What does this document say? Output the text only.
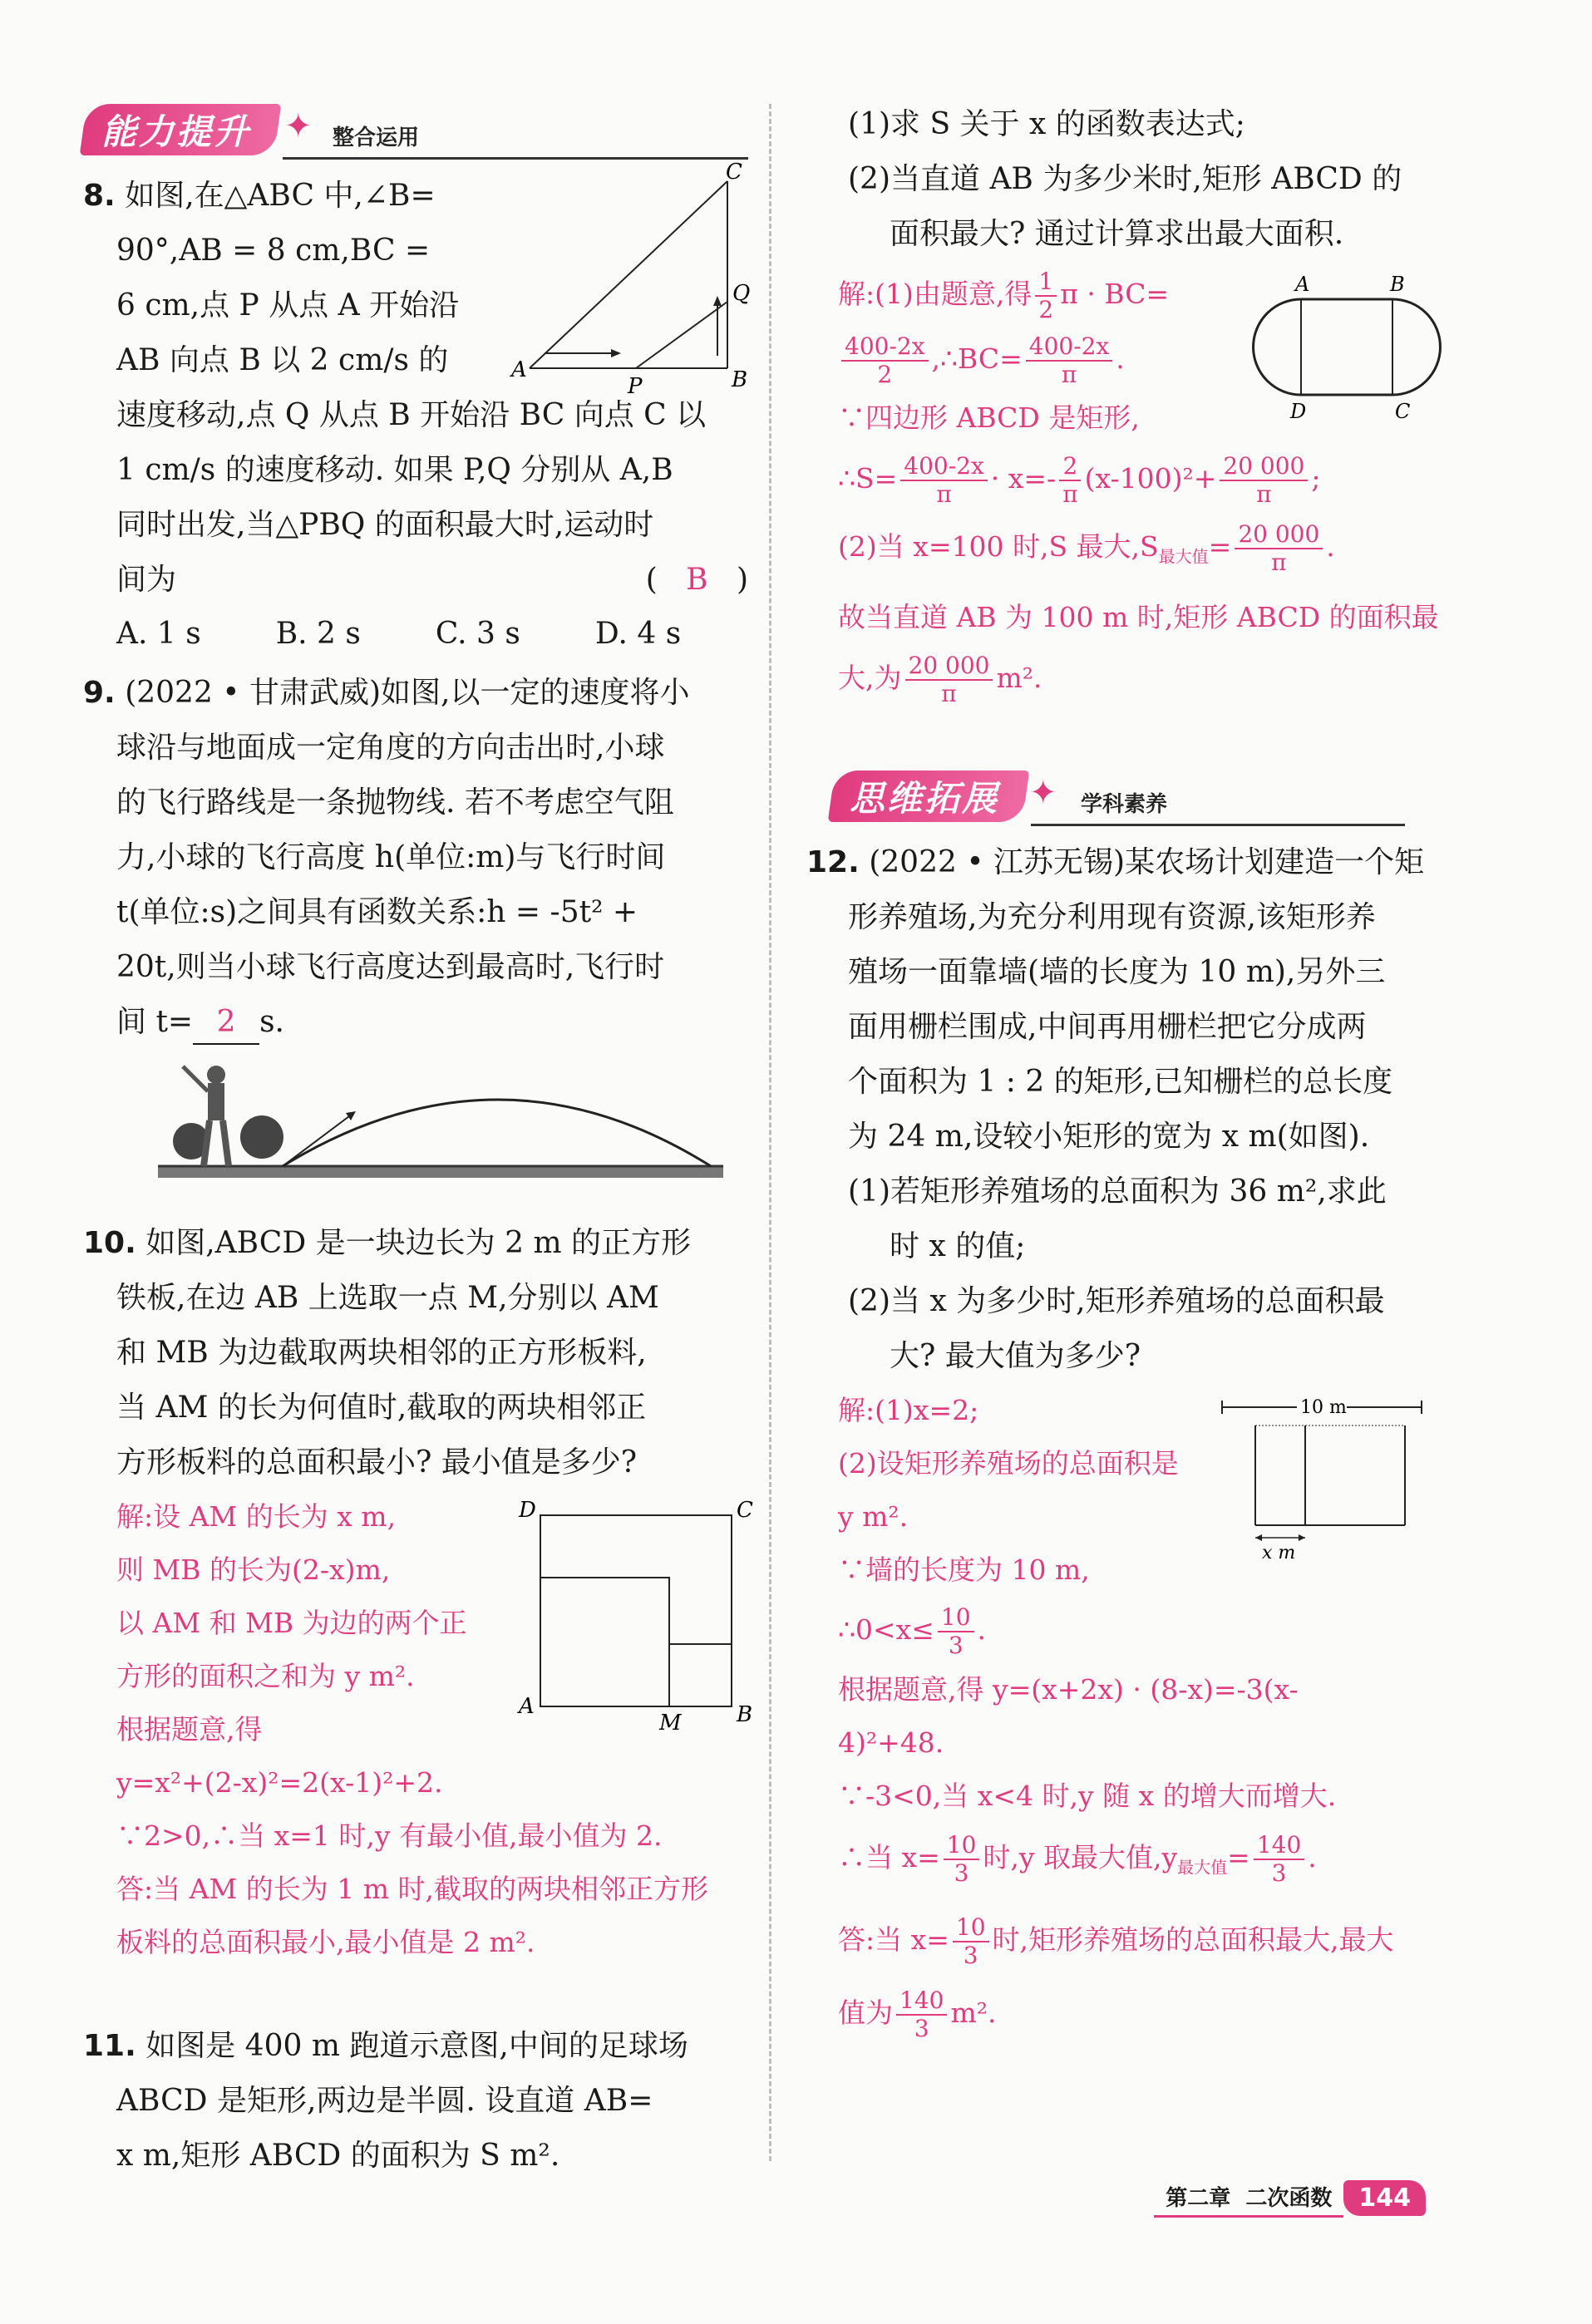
能力提升 ✦ 整合运用
A	B
C
P
Q

8. 如图,在△ABC 中,∠B=

90°,AB = 8 cm,BC =

6 cm,点 P 从点 A 开始沿

AB 向点 B 以 2 cm/s 的

速度移动,点 Q 从点 B 开始沿 BC 向点 C 以

1 cm/s 的速度移动. 如果 P,Q 分别从 A,B

同时出发,当△PBQ 的面积最大时,运动时

间为	( B )

A. 1 s	B. 2 s	C. 3 s	D. 4 s

9. (2022 • 甘肃武威)如图,以一定的速度将小

球沿与地面成一定角度的方向击出时,小球

的飞行路线是一条抛物线. 若不考虑空气阻

力,小球的飞行高度 h(单位:m)与飞行时间

t(单位:s)之间具有函数关系:h = -5t² +

20t,则当小球飞行高度达到最高时,飞行时

间 t= 2 s.

10. 如图,ABCD 是一块边长为 2 m 的正方形

铁板,在边 AB 上选取一点 M,分别以 AM

和 MB 为边截取两块相邻的正方形板料,

当 AM 的长为何值时,截取的两块相邻正

方形板料的总面积最小? 最小值是多少?

D	C
A	B
M

解:设 AM 的长为 x m,

则 MB 的长为(2-x)m,

以 AM 和 MB 为边的两个正

方形的面积之和为 y m².

根据题意,得

y=x²+(2-x)²=2(x-1)²+2.

∵2>0,∴当 x=1 时,y 有最小值,最小值为 2.

答:当 AM 的长为 1 m 时,截取的两块相邻正方形

板料的总面积最小,最小值是 2 m².

11. 如图是 400 m 跑道示意图,中间的足球场

ABCD 是矩形,两边是半圆. 设直道 AB=

x m,矩形 ABCD 的面积为 S m².

(1)求 S 关于 x 的函数表达式;

(2)当直道 AB 为多少米时,矩形 ABCD 的

面积最大? 通过计算求出最大面积.

A	B
D	C

解:(1)由题意,得 $\frac{1}{2}$ π · BC=

$\frac{400-2x}{2}$ ,∴BC= $\frac{400-2x}{\pi}$ .

∵四边形 ABCD 是矩形,

∴S= $\frac{400-2x}{\pi} \cdot x=- \frac{2}{\pi} (x-100)^2+ \frac{20 000}{\pi}$ ;

(2)当 x=100 时,S 最大$,S_{最大值}= \frac{20 000}{\pi}$ .

故当直道 AB 为 100 m 时,矩形 ABCD 的面积最

大,为 $\frac{20 000}{\pi} m^2$.

思维拓展 ✦ 学科素养

12. (2022 • 江苏无锡)某农场计划建造一个矩

形养殖场,为充分利用现有资源,该矩形养

殖场一面靠墙(墙的长度为 10 m),另外三

面用栅栏围成,中间再用栅栏把它分成两

个面积为 1 : 2 的矩形,已知栅栏的总长度

为 24 m,设较小矩形的宽为 x m(如图).

(1)若矩形养殖场的总面积为 36 m²,求此

时 x 的值;

(2)当 x 为多少时,矩形养殖场的总面积最

大? 最大值为多少?

10 m
x m

解:(1)x=2;

(2)设矩形养殖场的总面积是

y m².

∵墙的长度为 10 m,

∴0<x≤ $\frac{10}{3}$ .

根据题意,得 y=(x+2x) · (8-x)=-3(x-

4)²+48.

∵-3<0,当 x<4 时,y 随 x 的增大而增大.

∴当 $x= \frac{10}{3}$ 时,y 取最大值$,y_{最大值}= \frac{140}{3}$ .

答:当 $x= \frac{10}{3}$ 时,矩形养殖场的总面积最大,最大

值为 $\frac{140}{3} m^2$.

第二章 二次函数	144
